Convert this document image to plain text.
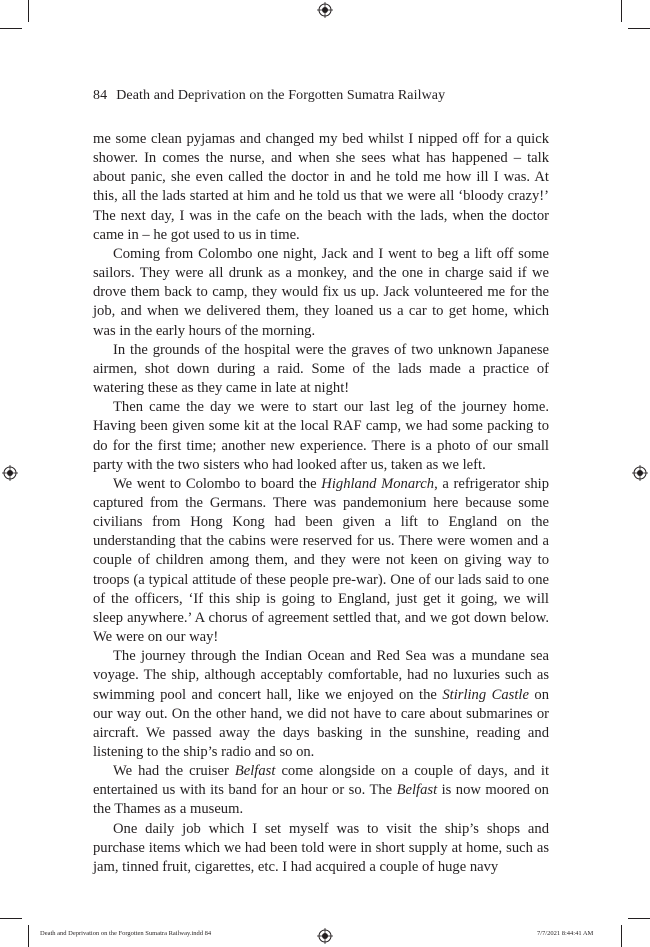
84 Death and Deprivation on the Forgotten Sumatra Railway

me some clean pyjamas and changed my bed whilst I nipped off for a quick shower. In comes the nurse, and when she sees what has happened – talk about panic, she even called the doctor in and he told me how ill I was. At this, all the lads started at him and he told us that we were all ‘bloody crazy!’ The next day, I was in the cafe on the beach with the lads, when the doctor came in – he got used to us in time.

Coming from Colombo one night, Jack and I went to beg a lift off some sailors. They were all drunk as a monkey, and the one in charge said if we drove them back to camp, they would fix us up. Jack volunteered me for the job, and when we delivered them, they loaned us a car to get home, which was in the early hours of the morning.

In the grounds of the hospital were the graves of two unknown Japanese airmen, shot down during a raid. Some of the lads made a practice of watering these as they came in late at night!

Then came the day we were to start our last leg of the journey home. Having been given some kit at the local RAF camp, we had some packing to do for the first time; another new experience. There is a photo of our small party with the two sisters who had looked after us, taken as we left.

We went to Colombo to board the Highland Monarch, a refrigerator ship captured from the Germans. There was pandemonium here because some civilians from Hong Kong had been given a lift to England on the understanding that the cabins were reserved for us. There were women and a couple of children among them, and they were not keen on giving way to troops (a typical attitude of these people pre-war). One of our lads said to one of the officers, ‘If this ship is going to England, just get it going, we will sleep anywhere.’ A chorus of agreement settled that, and we got down below. We were on our way!

The journey through the Indian Ocean and Red Sea was a mundane sea voyage. The ship, although acceptably comfortable, had no luxuries such as swimming pool and concert hall, like we enjoyed on the Stirling Castle on our way out. On the other hand, we did not have to care about submarines or aircraft. We passed away the days basking in the sunshine, reading and listening to the ship’s radio and so on.

We had the cruiser Belfast come alongside on a couple of days, and it entertained us with its band for an hour or so. The Belfast is now moored on the Thames as a museum.

One daily job which I set myself was to visit the ship’s shops and purchase items which we had been told were in short supply at home, such as jam, tinned fruit, cigarettes, etc. I had acquired a couple of huge navy

Death and Deprivation on the Forgotten Sumatra Railway.indd 84	7/7/2021 8:44:41 AM
